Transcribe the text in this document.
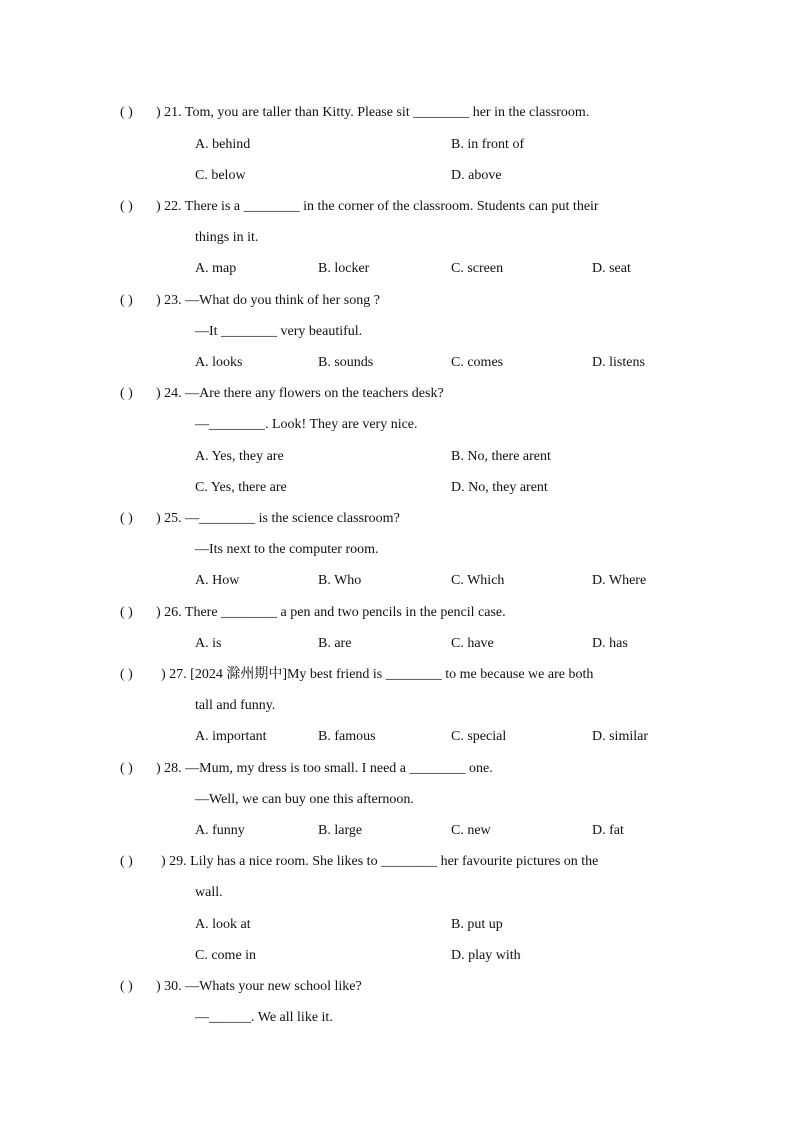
( ) ) 21. Tom, you are taller than Kitty. Please sit ________ her in the classroom.
A. behind	B. in front of
C. below	D. above
( ) ) 22. There is a ________ in the corner of the classroom. Students can put their
things in it.
A. map	B. locker	C. screen	D. seat
( ) ) 23. —What do you think of her song ?
—It ________ very beautiful.
A. looks	B. sounds	C. comes	D. listens
( ) ) 24. —Are there any flowers on the teachers desk?
—________. Look! They are very nice.
A. Yes, they are	B. No, there arent
C. Yes, there are	D. No, they arent
( ) ) 25. —________ is the science classroom?
—Its next to the computer room.
A. How	B. Who	C. Which	D. Where
( ) ) 26. There ________ a pen and two pencils in the pencil case.
A. is	B. are	C. have	D. has
( ) ) 27. [2024 滁州期中]My best friend is ________ to me because we are both
tall and funny.
A. important	B. famous	C. special	D. similar
( ) ) 28. —Mum, my dress is too small. I need a ________ one.
—Well, we can buy one this afternoon.
A. funny	B. large	C. new	D. fat
( ) ) 29. Lily has a nice room. She likes to ________ her favourite pictures on the
wall.
A. look at	B. put up
C. come in	D. play with
( ) ) 30. —Whats your new school like?
—______. We all like it.
